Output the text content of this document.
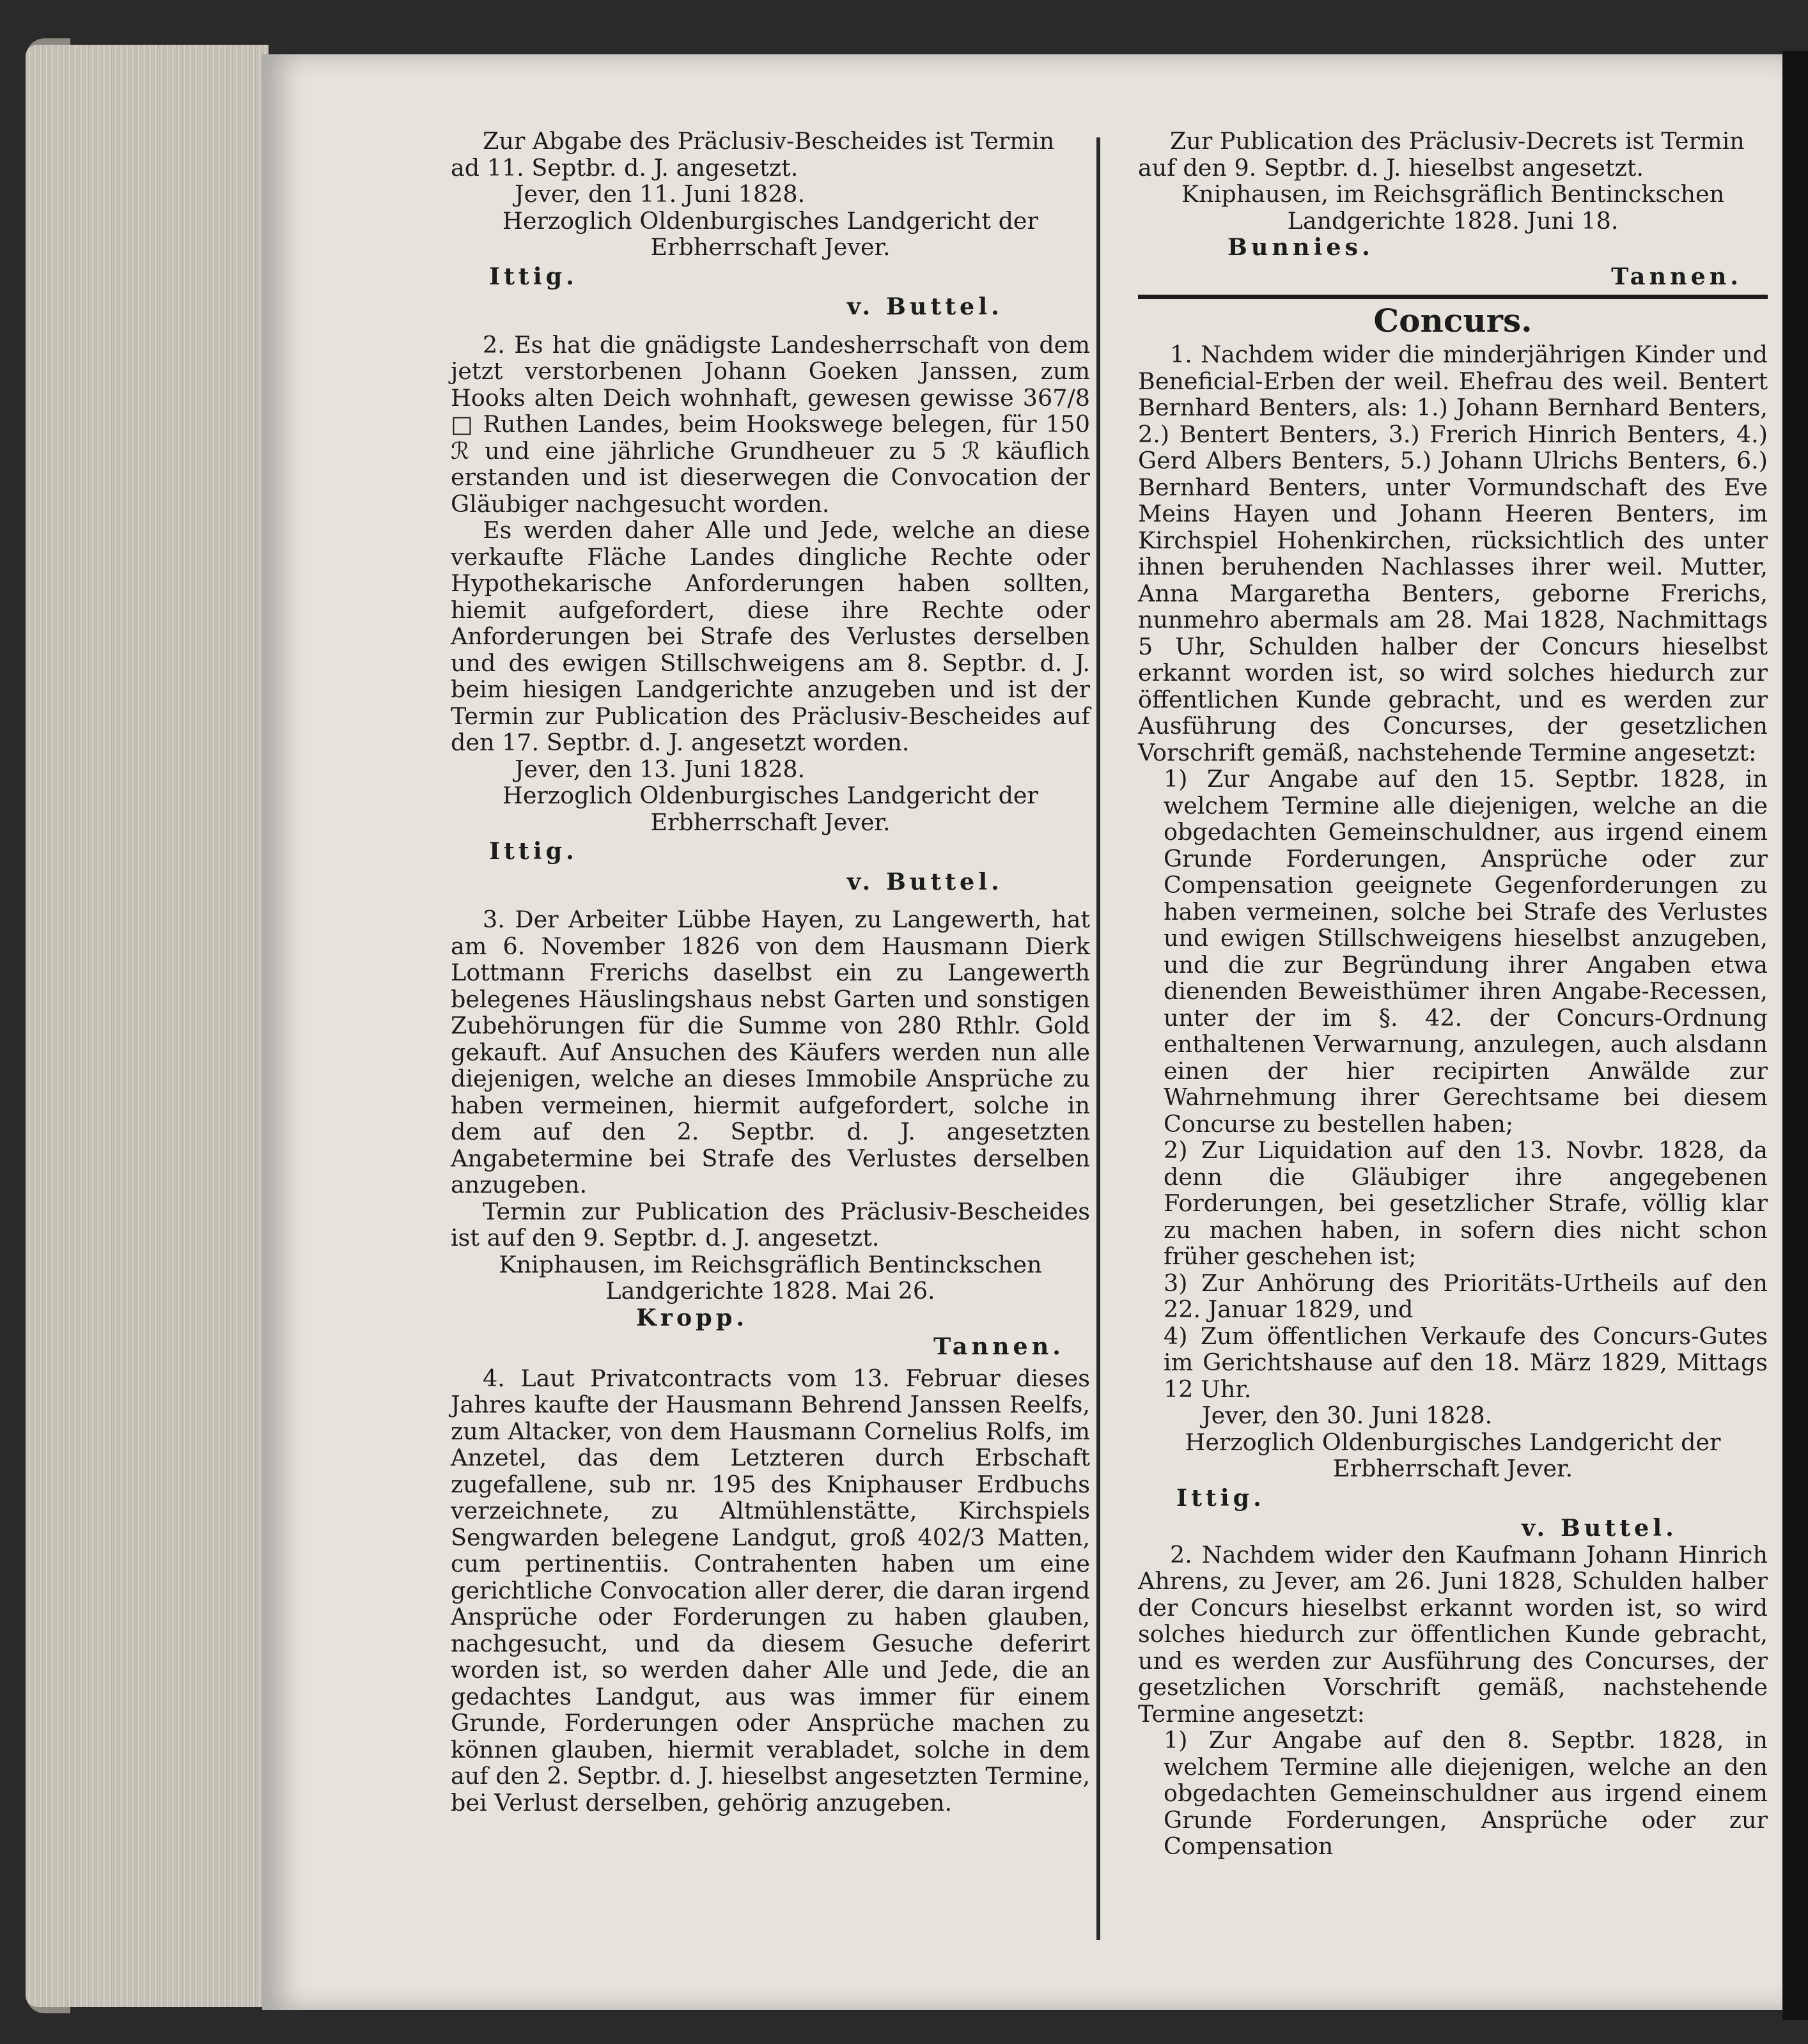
Zur Abgabe des Präclusiv-Bescheides ist Termin ad 11. Septbr. d. J. angesetzt.

Jever, den 11. Juni 1828.

Herzoglich Oldenburgisches Landgericht der Erbherrschaft Jever.

Ittig.

v. Buttel.

2. Es hat die gnädigste Landesherrschaft von dem jetzt verstorbenen Johann Goeken Janssen, zum Hooks alten Deich wohnhaft, gewesen gewisse 367/8 □ Ruthen Landes, beim Hookswege belegen, für 150 ℛ und eine jährliche Grundheuer zu 5 ℛ käuflich erstanden und ist dieserwegen die Convocation der Gläubiger nachgesucht worden.

Es werden daher Alle und Jede, welche an diese verkaufte Fläche Landes dingliche Rechte oder Hypothekarische Anforderungen haben sollten, hiemit aufgefordert, diese ihre Rechte oder Anforderungen bei Strafe des Verlustes derselben und des ewigen Stillschweigens am 8. Septbr. d. J. beim hiesigen Landgerichte anzugeben und ist der Termin zur Publication des Präclusiv-Bescheides auf den 17. Septbr. d. J. angesetzt worden.

Jever, den 13. Juni 1828.

Herzoglich Oldenburgisches Landgericht der Erbherrschaft Jever.

Ittig.

v. Buttel.

3. Der Arbeiter Lübbe Hayen, zu Langewerth, hat am 6. November 1826 von dem Hausmann Dierk Lottmann Frerichs daselbst ein zu Langewerth belegenes Häuslingshaus nebst Garten und sonstigen Zubehörungen für die Summe von 280 Rthlr. Gold gekauft. Auf Ansuchen des Käufers werden nun alle diejenigen, welche an dieses Immobile Ansprüche zu haben vermeinen, hiermit aufgefordert, solche in dem auf den 2. Septbr. d. J. angesetzten Angabetermine bei Strafe des Verlustes derselben anzugeben.

Termin zur Publication des Präclusiv-Bescheides ist auf den 9. Septbr. d. J. angesetzt.

Kniphausen, im Reichsgräflich Bentinckschen Landgerichte 1828. Mai 26.

Kropp.

Tannen.

4. Laut Privatcontracts vom 13. Februar dieses Jahres kaufte der Hausmann Behrend Janssen Reelfs, zum Altacker, von dem Hausmann Cornelius Rolfs, im Anzetel, das dem Letzteren durch Erbschaft zugefallene, sub nr. 195 des Kniphauser Erdbuchs verzeichnete, zu Altmühlenstätte, Kirchspiels Sengwarden belegene Landgut, groß 402/3 Matten, cum pertinentiis. Contrahenten haben um eine gerichtliche Convocation aller derer, die daran irgend Ansprüche oder Forderungen zu haben glauben, nachgesucht, und da diesem Gesuche deferirt worden ist, so werden daher Alle und Jede, die an gedachtes Landgut, aus was immer für einem Grunde, Forderungen oder Ansprüche machen zu können glauben, hiermit verabladet, solche in dem auf den 2. Septbr. d. J. hieselbst angesetzten Termine, bei Verlust derselben, gehörig anzugeben.

Zur Publication des Präclusiv-Decrets ist Termin auf den 9. Septbr. d. J. hieselbst angesetzt.

Kniphausen, im Reichsgräflich Bentinckschen Landgerichte 1828. Juni 18.

Bunnies.

Tannen.

Concurs.

1. Nachdem wider die minderjährigen Kinder und Beneficial-Erben der weil. Ehefrau des weil. Bentert Bernhard Benters, als: 1.) Johann Bernhard Benters, 2.) Bentert Benters, 3.) Frerich Hinrich Benters, 4.) Gerd Albers Benters, 5.) Johann Ulrichs Benters, 6.) Bernhard Benters, unter Vormundschaft des Eve Meins Hayen und Johann Heeren Benters, im Kirchspiel Hohenkirchen, rücksichtlich des unter ihnen beruhenden Nachlasses ihrer weil. Mutter, Anna Margaretha Benters, geborne Frerichs, nunmehro abermals am 28. Mai 1828, Nachmittags 5 Uhr, Schulden halber der Concurs hieselbst erkannt worden ist, so wird solches hiedurch zur öffentlichen Kunde gebracht, und es werden zur Ausführung des Concurses, der gesetzlichen Vorschrift gemäß, nachstehende Termine angesetzt:

1) Zur Angabe auf den 15. Septbr. 1828, in welchem Termine alle diejenigen, welche an die obgedachten Gemeinschuldner, aus irgend einem Grunde Forderungen, Ansprüche oder zur Compensation geeignete Gegenforderungen zu haben vermeinen, solche bei Strafe des Verlustes und ewigen Stillschweigens hieselbst anzugeben, und die zur Begründung ihrer Angaben etwa dienenden Beweisthümer ihren Angabe-Recessen, unter der im §. 42. der Concurs-Ordnung enthaltenen Verwarnung, anzulegen, auch alsdann einen der hier recipirten Anwälde zur Wahrnehmung ihrer Gerechtsame bei diesem Concurse zu bestellen haben;

2) Zur Liquidation auf den 13. Novbr. 1828, da denn die Gläubiger ihre angegebenen Forderungen, bei gesetzlicher Strafe, völlig klar zu machen haben, in sofern dies nicht schon früher geschehen ist;

3) Zur Anhörung des Prioritäts-Urtheils auf den 22. Januar 1829, und

4) Zum öffentlichen Verkaufe des Concurs-Gutes im Gerichtshause auf den 18. März 1829, Mittags 12 Uhr.

Jever, den 30. Juni 1828.

Herzoglich Oldenburgisches Landgericht der Erbherrschaft Jever.

Ittig.

v. Buttel.

2. Nachdem wider den Kaufmann Johann Hinrich Ahrens, zu Jever, am 26. Juni 1828, Schulden halber der Concurs hieselbst erkannt worden ist, so wird solches hiedurch zur öffentlichen Kunde gebracht, und es werden zur Ausführung des Concurses, der gesetzlichen Vorschrift gemäß, nachstehende Termine angesetzt:

1) Zur Angabe auf den 8. Septbr. 1828, in welchem Termine alle diejenigen, welche an den obgedachten Gemeinschuldner aus irgend einem Grunde Forderungen, Ansprüche oder zur Compensation
